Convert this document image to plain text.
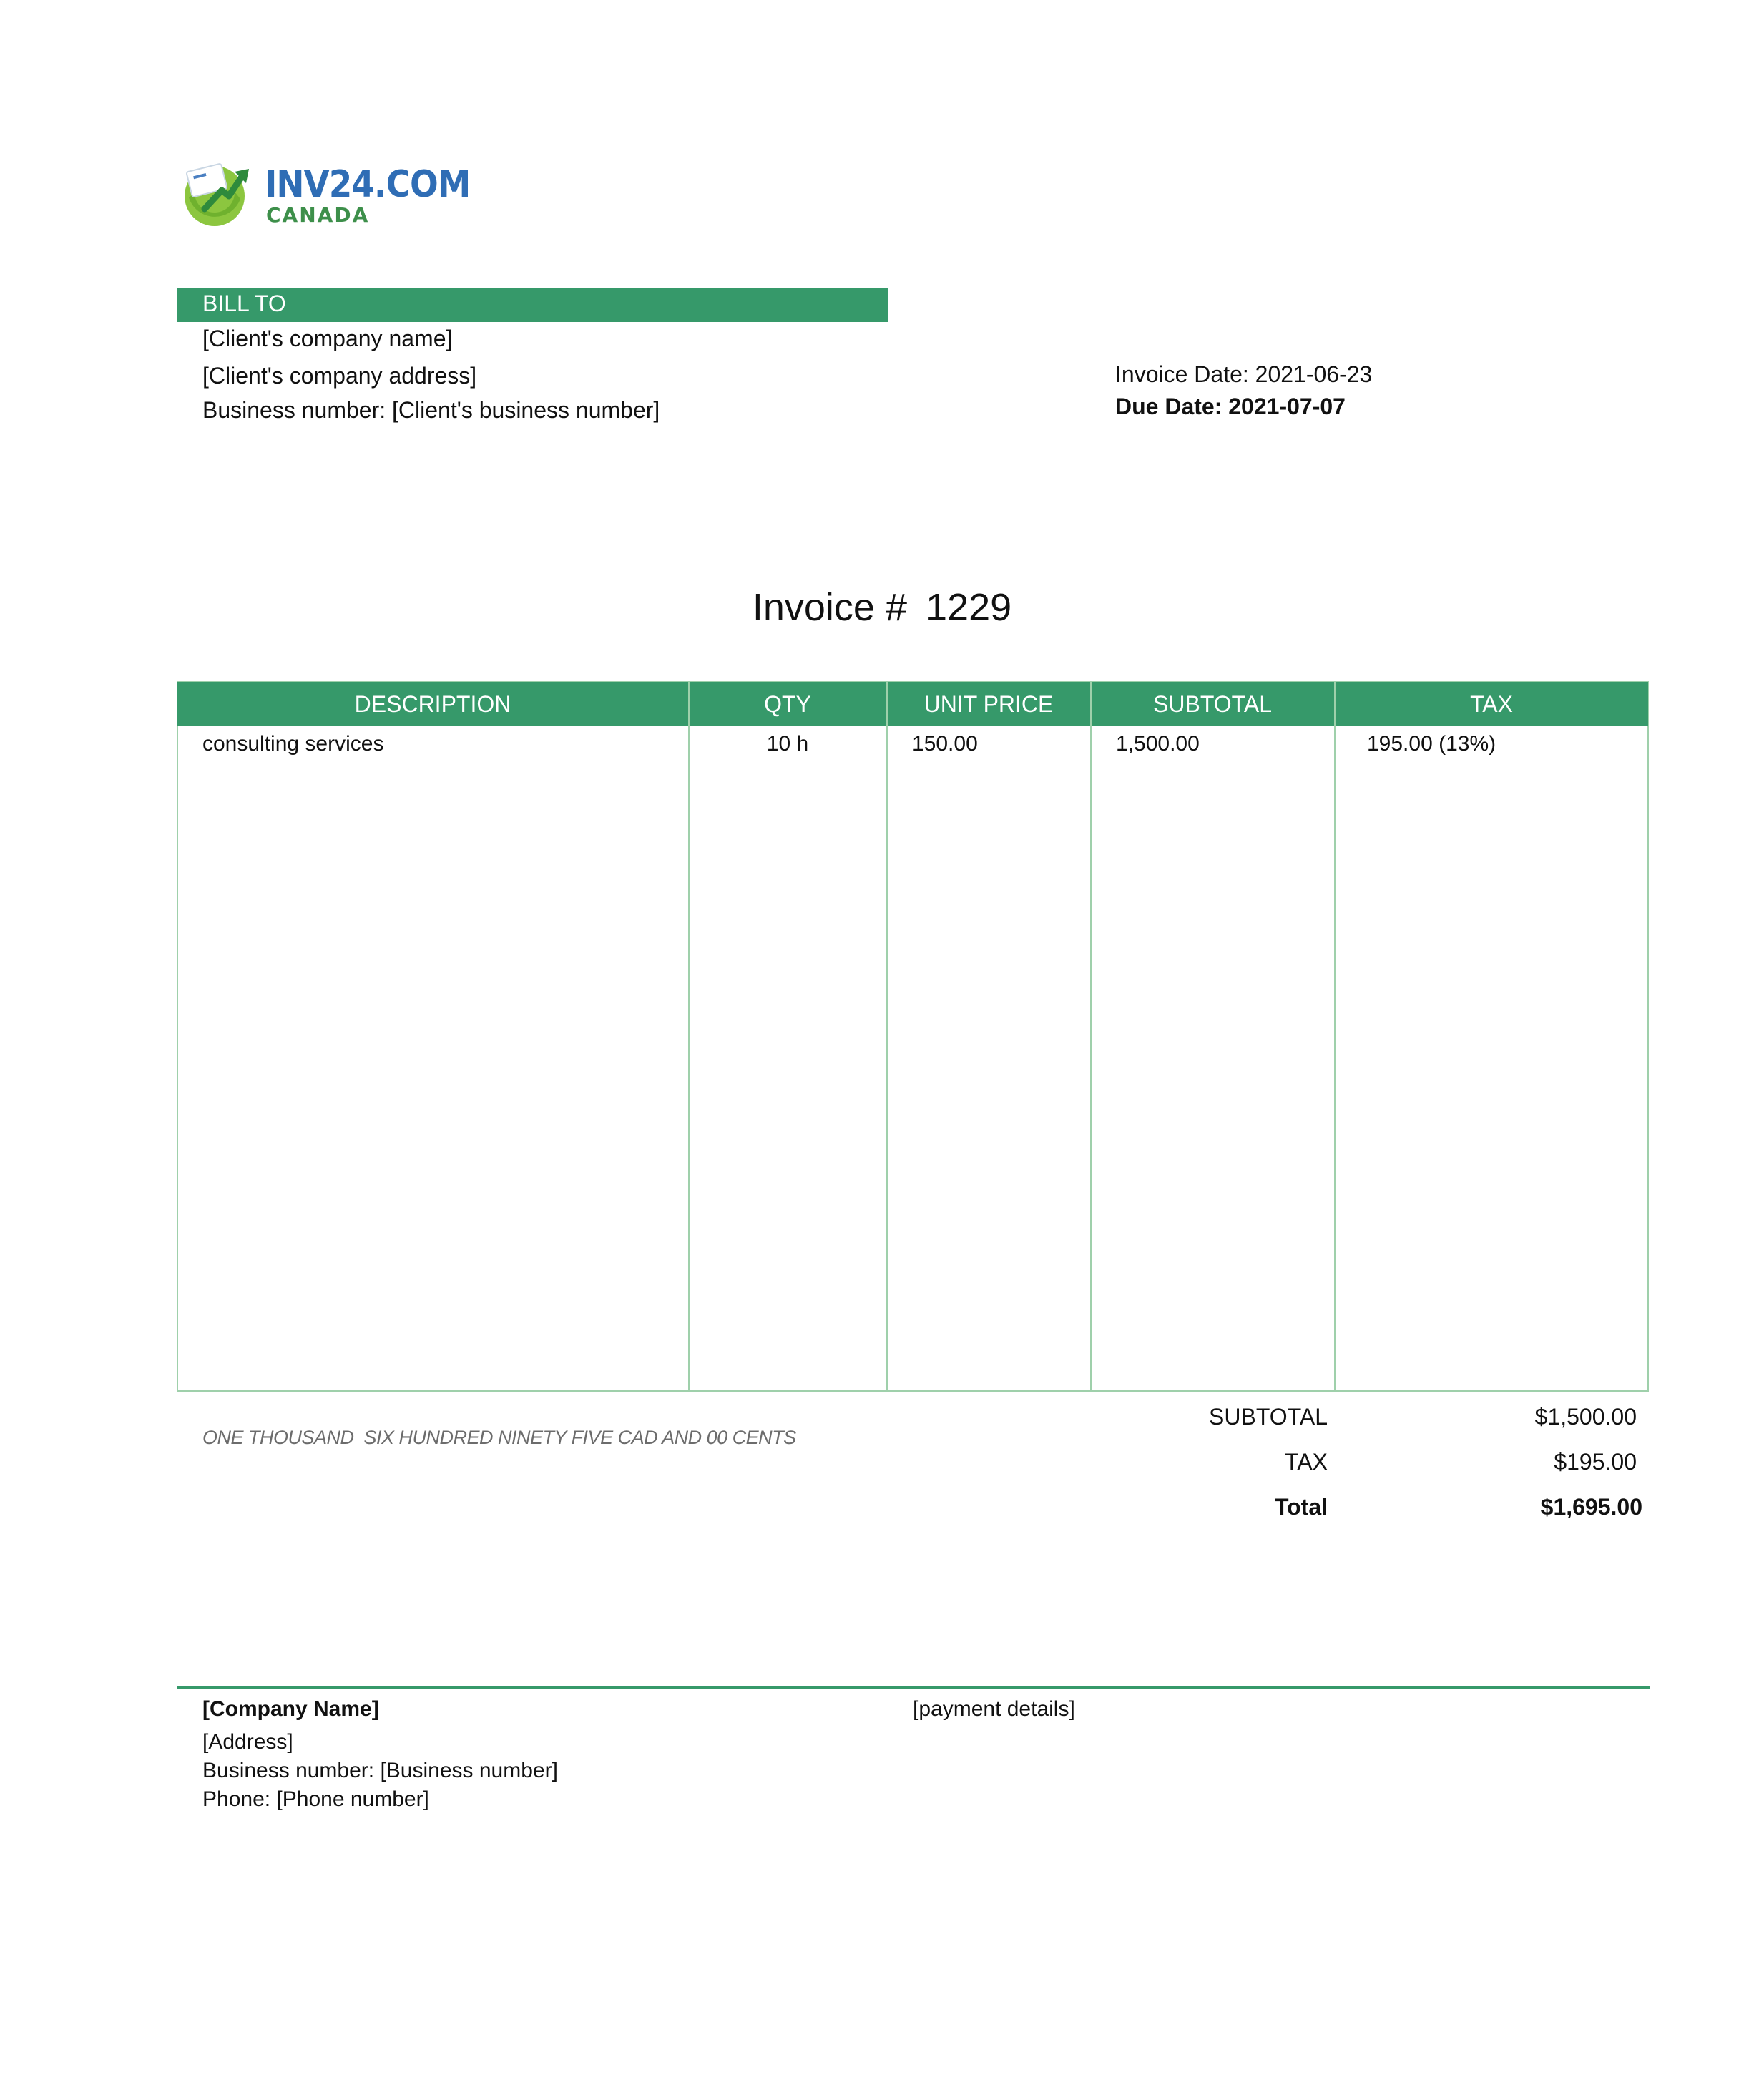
INV24.COM
CANADA
BILL TO
[Client's company name]
[Client's company address]
Business number: [Client's business number]
Invoice Date: 2021-06-23
Due Date: 2021-07-07
Invoice # 1229
DESCRIPTION	QTY	UNIT PRICE	SUBTOTAL	TAX
consulting services	10 h	150.00	1,500.00	195.00 (13%)
ONE THOUSAND  SIX HUNDRED NINETY FIVE CAD AND 00 CENTS
SUBTOTAL	$1,500.00
TAX	$195.00
Total	$1,695.00
[Company Name]
[Address]
Business number: [Business number]
Phone: [Phone number]
[payment details]
